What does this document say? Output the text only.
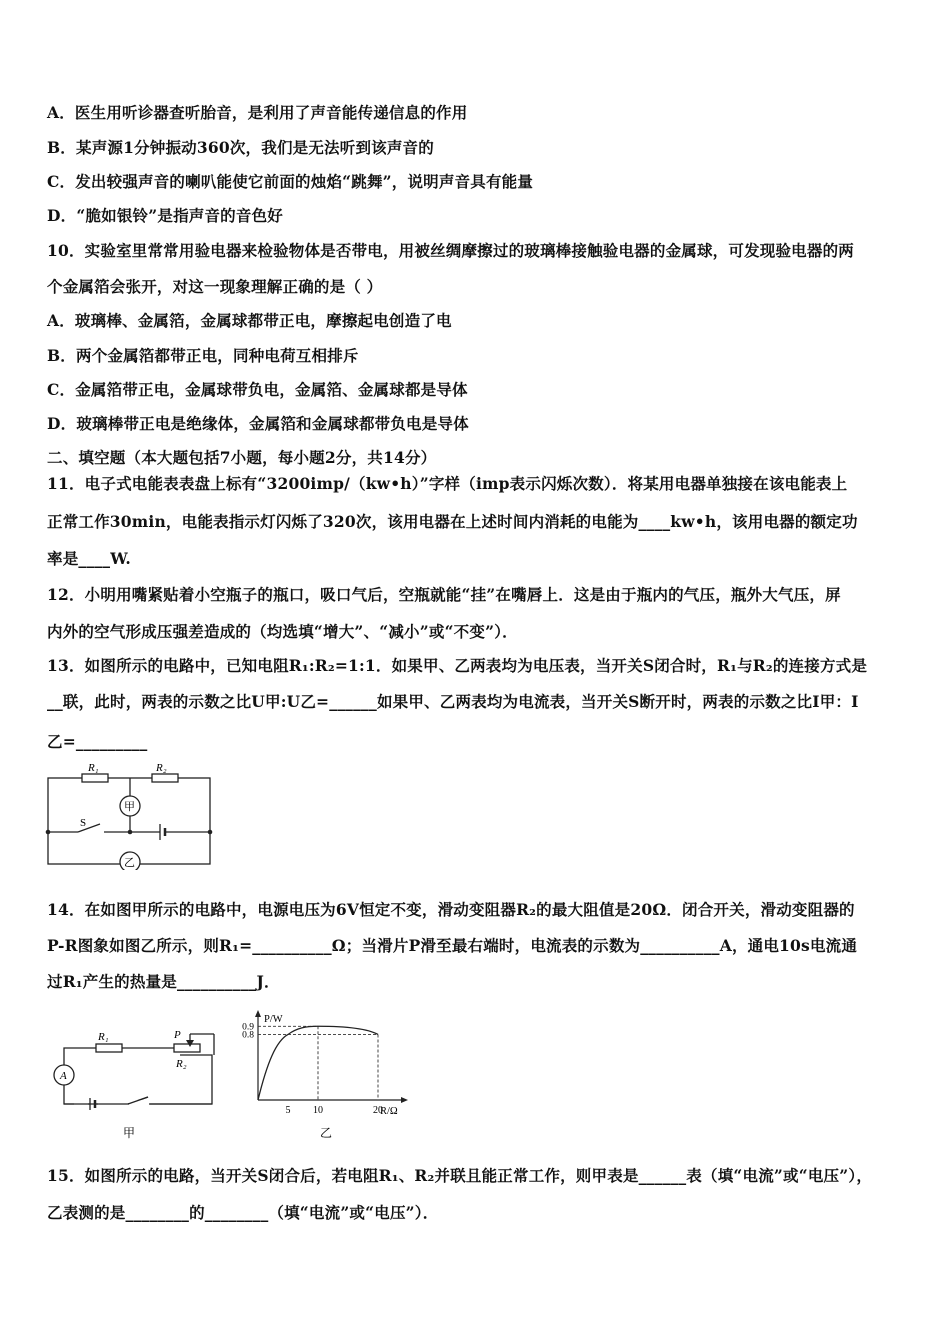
A．医生用听诊器查听胎音，是利用了声音能传递信息的作用
B．某声源1分钟振动360次，我们是无法听到该声音的
C．发出较强声音的喇叭能使它前面的烛焰“跳舞”，说明声音具有能量
D．“脆如银铃”是指声音的音色好
10．实验室里常常用验电器来检验物体是否带电，用被丝绸摩擦过的玻璃棒接触验电器的金属球，可发现验电器的两
个金属箔会张开，对这一现象理解正确的是（ ）
A．玻璃棒、金属箔，金属球都带正电，摩擦起电创造了电
B．两个金属箔都带正电，同种电荷互相排斥
C．金属箔带正电，金属球带负电，金属箔、金属球都是导体
D．玻璃棒带正电是绝缘体，金属箔和金属球都带负电是导体
二、填空题（本大题包括7小题，每小题2分，共14分）
11．电子式电能表表盘上标有“3200imp/（kw•h）”字样（imp表示闪烁次数）．将某用电器单独接在该电能表上
正常工作30min，电能表指示灯闪烁了320次，该用电器在上述时间内消耗的电能为____kw•h，该用电器的额定功
率是____W.
12．小明用嘴紧贴着小空瓶子的瓶口，吸口气后，空瓶就能“挂”在嘴唇上．这是由于瓶内的气压，瓶外大气压，屏
内外的空气形成压强差造成的（均选填“增大”、“减小”或“不变”）．
13．如图所示的电路中，已知电阻R₁:R₂=1:1．如果甲、乙两表均为电压表，当开关S闭合时，R₁与R₂的连接方式是
__联，此时，两表的示数之比U甲:U乙=______如果甲、乙两表均为电流表，当开关S断开时，两表的示数之比I甲：I
乙=_________
14．在如图甲所示的电路中，电源电压为6V恒定不变，滑动变阻器R₂的最大阻值是20Ω．闭合开关，滑动变阻器的
P-R图象如图乙所示，则R₁=__________Ω；当滑片P滑至最右端时，电流表的示数为__________A，通电10s电流通
过R₁产生的热量是__________J．
15．如图所示的电路，当开关S闭合后，若电阻R₁、R₂并联且能正常工作，则甲表是______表（填“电流”或“电压”），
乙表测的是________的________（填“电流”或“电压”）．
R₁	R₂
S
甲
乙
R₁
R₂
P
A
甲
P/W
R/Ω
0.9
0.8
5 10	20
乙
